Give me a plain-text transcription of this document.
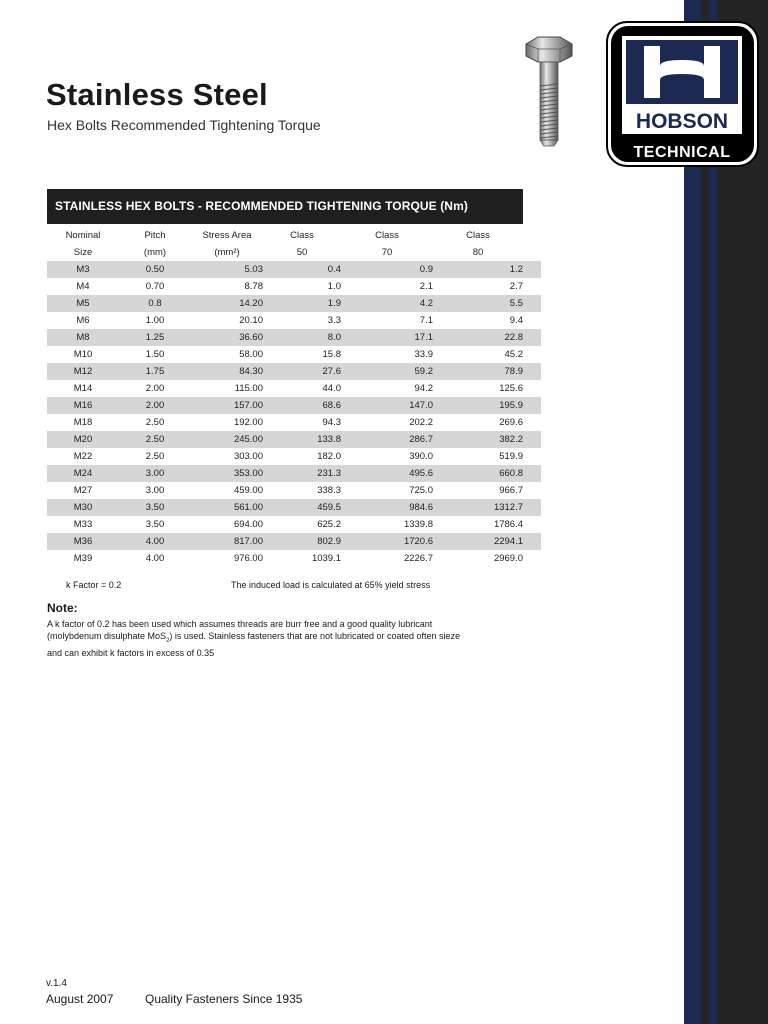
HOBSON
TECHNICAL
Stainless Steel

Hex Bolts Recommended Tightening Torque

STAINLESS HEX BOLTS - RECOMMENDED TIGHTENING TORQUE (Nm)
Nominal	Pitch	Stress Area	Class	Class	Class
Size	(mm)	(mm²)	50	70	80
M3	0.50	5.03	0.4	0.9	1.2
M4	0.70	8.78	1.0	2.1	2.7
M5	0.8	14.20	1.9	4.2	5.5
M6	1.00	20.10	3.3	7.1	9.4
M8	1.25	36.60	8.0	17.1	22.8
M10	1.50	58.00	15.8	33.9	45.2
M12	1.75	84.30	27.6	59.2	78.9
M14	2.00	115.00	44.0	94.2	125.6
M16	2.00	157.00	68.6	147.0	195.9
M18	2.50	192.00	94.3	202.2	269.6
M20	2.50	245.00	133.8	286.7	382.2
M22	2.50	303.00	182.0	390.0	519.9
M24	3.00	353.00	231.3	495.6	660.8
M27	3.00	459.00	338.3	725.0	966.7
M30	3.50	561.00	459.5	984.6	1312.7
M33	3.50	694.00	625.2	1339.8	1786.4
M36	4.00	817.00	802.9	1720.6	2294.1
M39	4.00	976.00	1039.1	2226.7	2969.0
k Factor = 0.2	The induced load is calculated at 65% yield stress
Note:
A k factor of 0.2 has been used which assumes threads are burr free and a good quality lubricant
(molybdenum disulphate MoS$_2$) is used. Stainless fasteners that are not lubricated or coated often sieze
and can exhibit k factors in excess of 0.35
v.1.4
August 2007	Quality Fasteners Since 1935
